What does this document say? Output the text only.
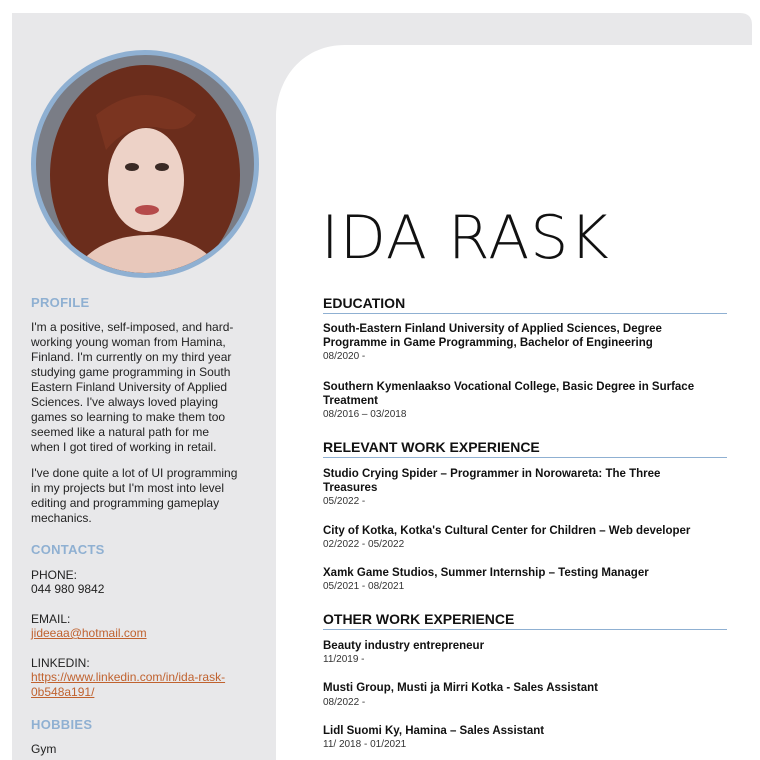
PROFILE
I'm a positive, self-imposed, and hard-
working young woman from Hamina,
Finland. I'm currently on my third year
studying game programming in South
Eastern Finland University of Applied
Sciences. I've always loved playing
games so learning to make them too
seemed like a natural path for me
when I got tired of working in retail.
I've done quite a lot of UI programming
in my projects but I'm most into level
editing and programming gameplay
mechanics.
CONTACTS
PHONE:
044 980 9842
EMAIL:
jideeaa@hotmail.com
LINKEDIN:
https://www.linkedin.com/in/ida-rask-
0b548a191/
HOBBIES
Gym
IDA RASK
EDUCATION
South-Eastern Finland University of Applied Sciences, Degree
Programme in Game Programming, Bachelor of Engineering
08/2020 -
Southern Kymenlaakso Vocational College, Basic Degree in Surface
Treatment
08/2016 – 03/2018
RELEVANT WORK EXPERIENCE
Studio Crying Spider – Programmer in Norowareta: The Three
Treasures
05/2022 -
City of Kotka, Kotka's Cultural Center for Children – Web developer
02/2022 - 05/2022
Xamk Game Studios, Summer Internship – Testing Manager
05/2021 - 08/2021
OTHER WORK EXPERIENCE
Beauty industry entrepreneur
11/2019 -
Musti Group, Musti ja Mirri Kotka - Sales Assistant
08/2022 -
Lidl Suomi Ky, Hamina – Sales Assistant
11/ 2018 - 01/2021
